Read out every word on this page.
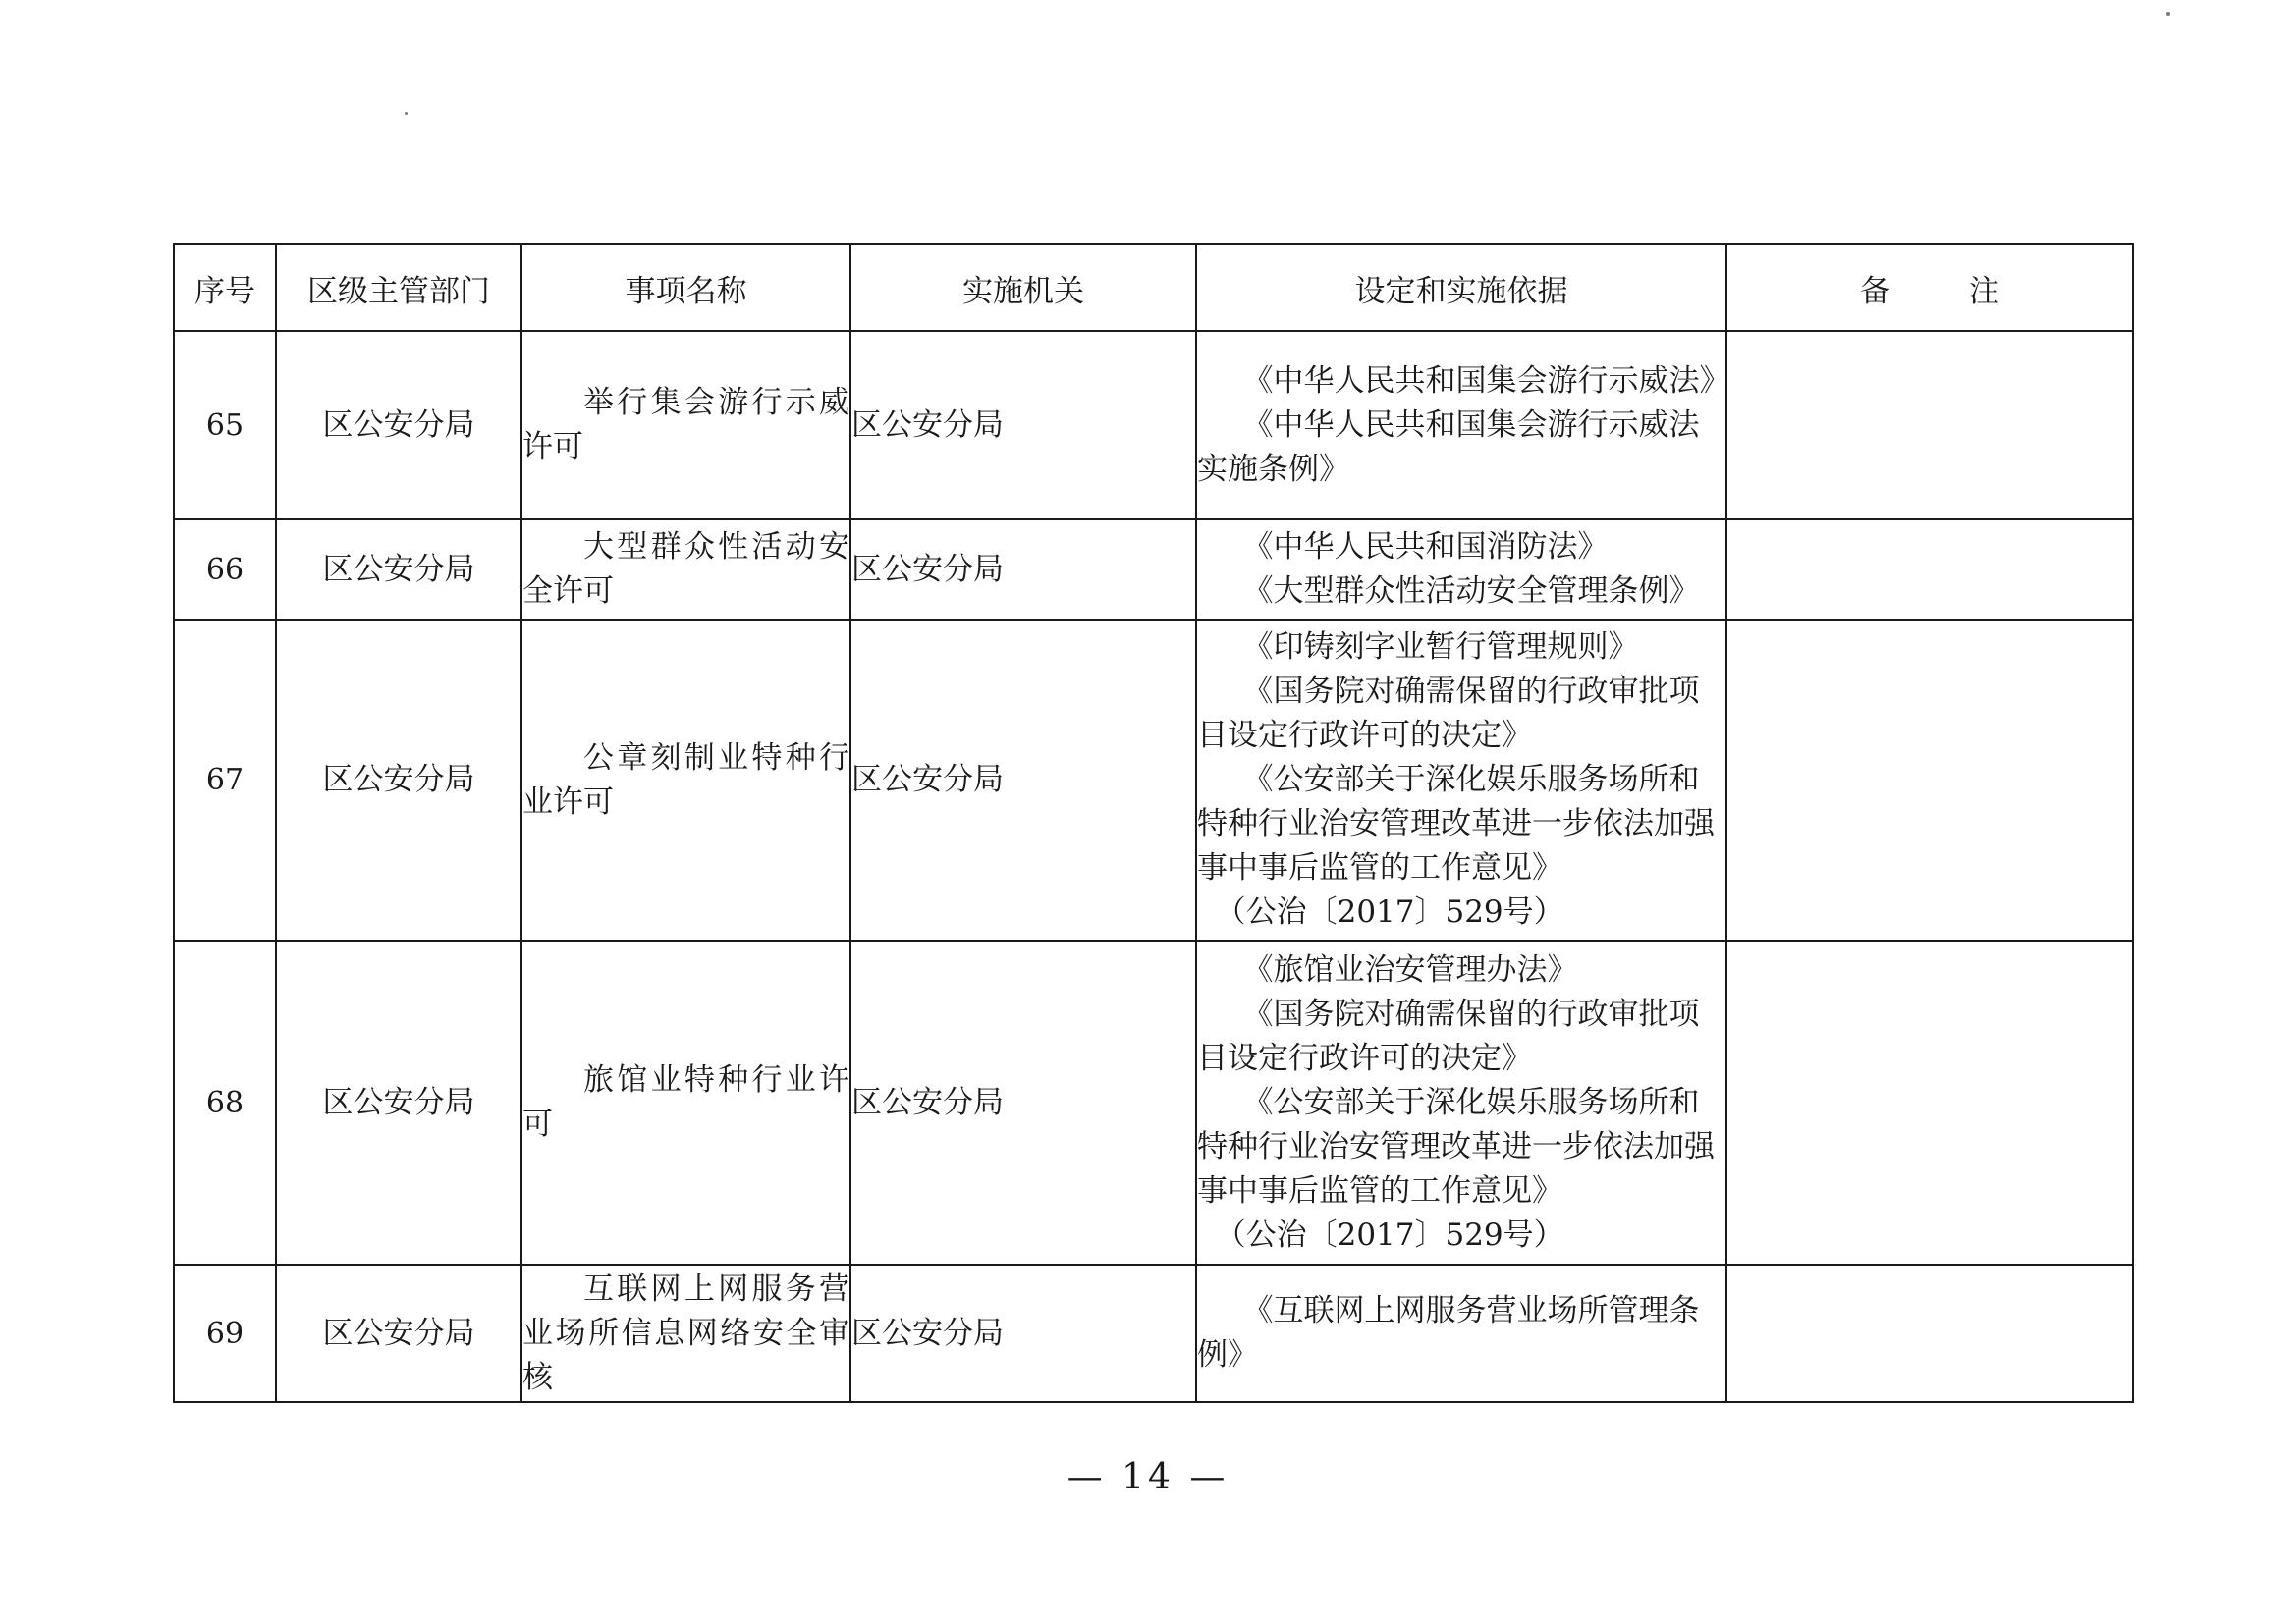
序号	区级主管部门	事项名称	实施机关	设定和实施依据	备 注
65	区公安分局	举行集会游行示威许可	区公安分局	《中华人民共和国集会游行示威法》
《中华人民共和国集会游行示威法实施条例》	

66	区公安分局	大型群众性活动安全许可	区公安分局	《中华人民共和国消防法》
《大型群众性活动安全管理条例》	

67	区公安分局	公章刻制业特种行业许可	区公安分局	《印铸刻字业暂行管理规则》
《国务院对确需保留的行政审批项目设定行政许可的决定》
《公安部关于深化娱乐服务场所和特种行业治安管理改革进一步依法加强事中事后监管的工作意见》
（公治〔2017〕529号）	

68	区公安分局	旅馆业特种行业许可	区公安分局	《旅馆业治安管理办法》
《国务院对确需保留的行政审批项目设定行政许可的决定》
《公安部关于深化娱乐服务场所和特种行业治安管理改革进一步依法加强事中事后监管的工作意见》
（公治〔2017〕529号）	

69	区公安分局	互联网上网服务营业场所信息网络安全审核	区公安分局	《互联网上网服务营业场所管理条例》	

— 14 —
